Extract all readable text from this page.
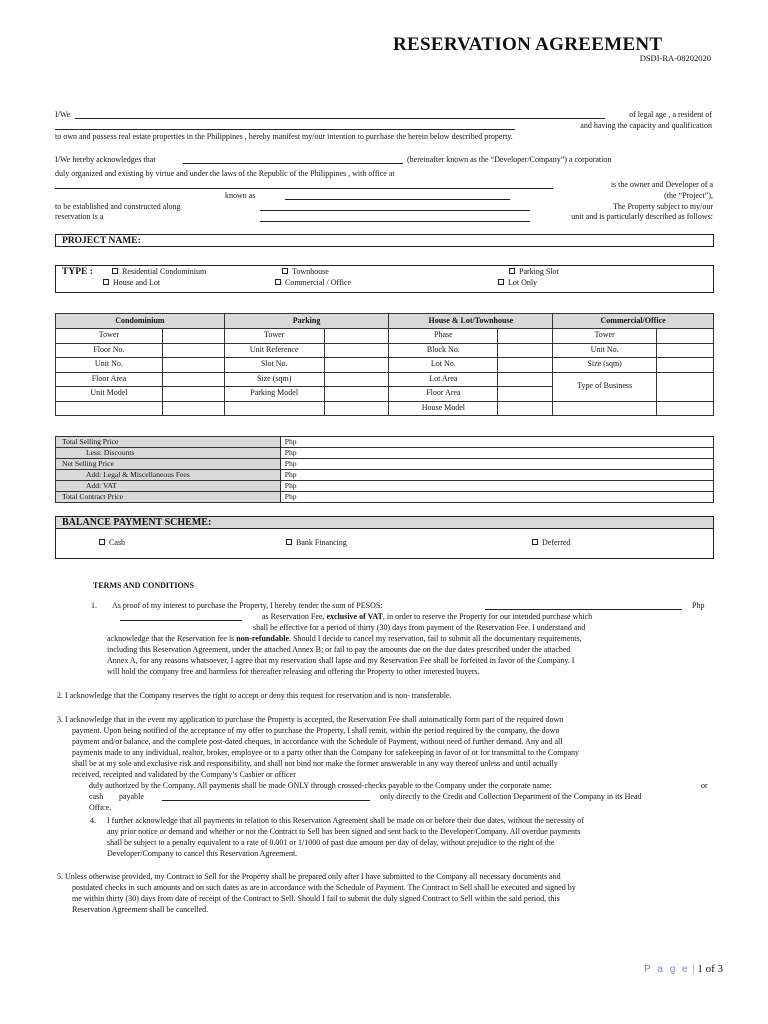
RESERVATION AGREEMENT
DSDI-RA-08202020
I/We	of legal age , a resident of
and having the capacity and qualification
to own and possess real estate properties in the Philippines , hereby manifest my/our intention to purchase the herein below described property.
I/We hereby acknowledges that	(hereinafter known as the “Developer/Company”) a corporation
duly organized and existing by virtue and under the laws of the Republic of the Philippines , with office at
is the owner and Developer of a
(the “Project”),
known as
to be established and constructed along	The Property subject to my/our
reservation is a	unit and is particularly described as follows:
PROJECT NAME:
TYPE :	Residential Condominium	Townhouse	Parking Slot
House and Lot	Commercial / Office	Lot Only
Condominium		Parking		House & Lot/Townhouse		Commercial/Office	
Tower		Tower		Phase		Tower	
Floor No.		Unit Reference		Block No.		Unit No.	
Unit No.		Slot No.		Lot No.		Size (sqm)	
Floor Area		Size (sqm)		Lot Area		Type of Business	
Unit Model		Parking Model		Floor Area			
				House Model			
Total Selling Price	Php
Less: Discounts	Php
Net Selling Price	Php
Add: Legal & Miscellaneous Fees	Php
Add: VAT	Php
Total Contract Price	Php
BALANCE PAYMENT SCHEME:
Cash	Bank Financing	Deferred
TERMS AND CONDITIONS
1. As proof of my interest to purchase the Property, I hereby tender the sum of PESOS:	Php
as Reservation Fee, exclusive of VAT, in order to reserve the Property for our intended purchase which
shall be effective for a period of thirty (30) days from payment of the Reservation Fee. I understand and
acknowledge that the Reservation fee is non-refundable. Should I decide to cancel my reservation, fail to submit all the documentary requirements,
including this Reservation Agreement, under the attached Annex B; or fail to pay the amounts due on the due dates prescribed under the attached
Annex A, for any reasons whatsoever, I agree that my reservation shall lapse and my Reservation Fee shall be forfeited in favor of the Company. I
will hold the company free and harmless for thereafter releasing and offering the Property to other interested buyers.
2. I acknowledge that the Company reserves the right to accept or deny this request for reservation and is non- transferable.
3. I acknowledge that in the event my application to purchase the Property is accepted, the Reservation Fee shall automatically form part of the required down
payment. Upon being notified of the acceptance of my offer to purchase the Property, I shall remit, within the period required by the company, the down
payment and/or balance, and the complete post-dated cheques, in accordance with the Schedule of Payment, without need of further demand. Any and all
payments made to any individual, realtor, broker, employee or to a party other than the Company for safekeeping in favor of or for transmittal to the Company
shall be at my sole and exclusive risk and responsibility, and shall not bind nor make the former answerable in any way thereof unless and until actually
received, receipted and validated by the Company’s Cashier or officer
duly authorized by the Company. All payments shall be made ONLY through crossed-checks payable to the Company under the corporate name:	or
cash payable	only directly to the Credit and Collection Department of the Company in its Head
Office.
4. I further acknowledge that all payments in relation to this Reservation Agreement shall be made on or before their due dates, without the necessity of
any prior notice or demand and whether or not the Contract to Sell has been signed and sent back to the Developer/Company. All overdue payments
shall be subject to a penalty equivalent to a rate of 0.001 or 1/1000 of past due amount per day of delay, without prejudice to the right of the
Developer/Company to cancel this Reservation Agreement.
5. Unless otherwise provided, my Contract to Sell for the Property shall be prepared only after I have submitted to the Company all necessary documents and
postdated checks in such amounts and on such dates as are in accordance with the Schedule of Payment. The Contract to Sell shall be executed and signed by
me within thirty (30) days from date of receipt of the Contract to Sell. Should I fail to submit the duly signed Contract to Sell within the said period, this
Reservation Agreement shall be cancelled.
P a g e | 1 of 3
